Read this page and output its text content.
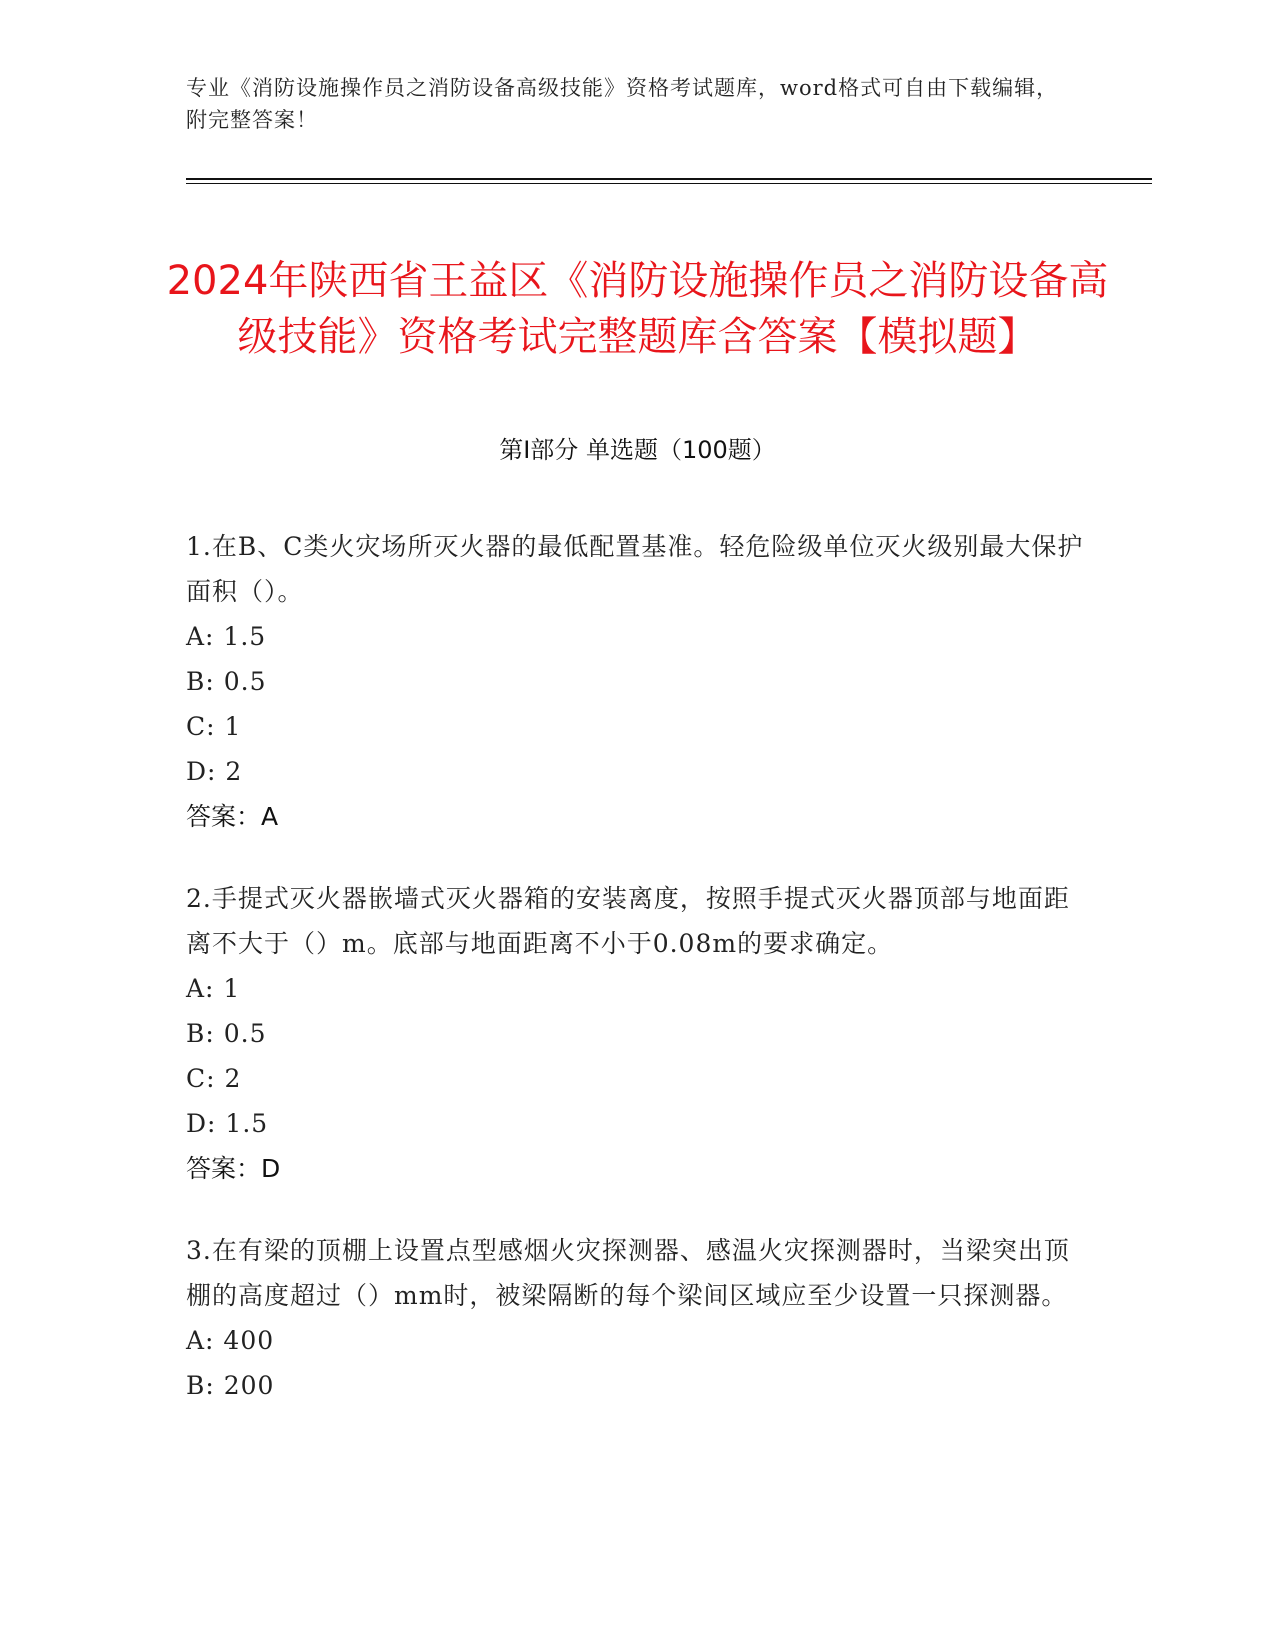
专业《消防设施操作员之消防设备高级技能》资格考试题库，word格式可自由下载编辑，附完整答案！
2024年陕西省王益区《消防设施操作员之消防设备高级技能》资格考试完整题库含答案【模拟题】
第I部分 单选题（100题）
1.在B、C类火灾场所灭火器的最低配置基准。轻危险级单位灭火级别最大保护面积（）。
A: 1.5
B: 0.5
C: 1
D: 2
答案：A
2.手提式灭火器嵌墙式灭火器箱的安装离度，按照手提式灭火器顶部与地面距离不大于（）m。底部与地面距离不小于0.08m的要求确定。
A: 1
B: 0.5
C: 2
D: 1.5
答案：D
3.在有梁的顶棚上设置点型感烟火灾探测器、感温火灾探测器时，当梁突出顶棚的高度超过（）mm时，被梁隔断的每个梁间区域应至少设置一只探测器。
A: 400
B: 200
